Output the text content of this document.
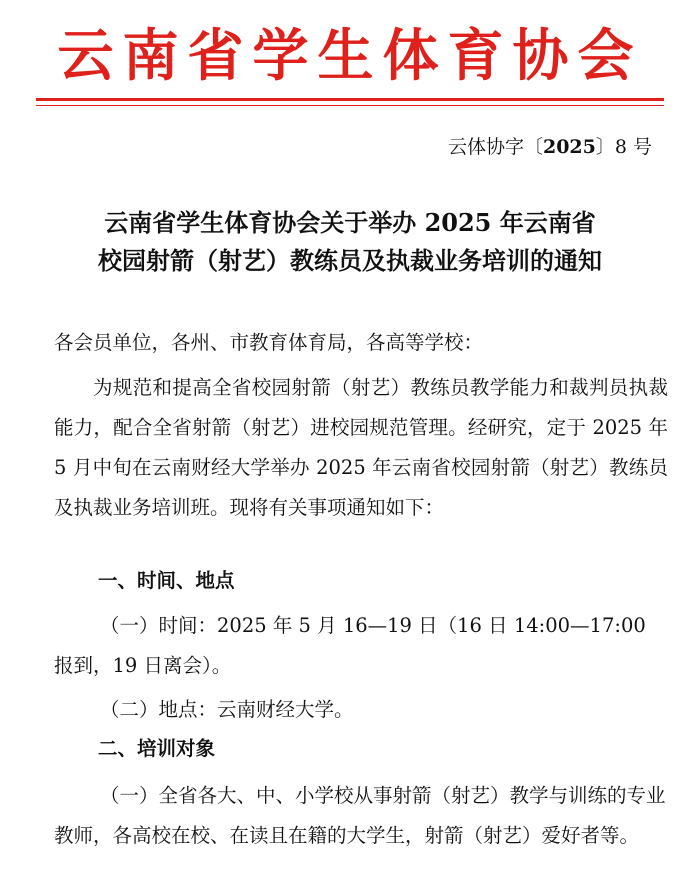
云南省学生体育协会
云体协字〔2025〕8 号
云南省学生体育协会关于举办 2025 年云南省
校园射箭（射艺）教练员及执裁业务培训的通知
各会员单位，各州、市教育体育局，各高等学校：
为规范和提高全省校园射箭（射艺）教练员教学能力和裁判员执裁能力，配合全省射箭（射艺）进校园规范管理。经研究，定于 2025 年 5 月中旬在云南财经大学举办 2025 年云南省校园射箭（射艺）教练员及执裁业务培训班。现将有关事项通知如下：
一、时间、地点
（一）时间：2025 年 5 月 16—19 日（16 日 14:00—17:00 报到，19 日离会）。
（二）地点：云南财经大学。
二、培训对象
（一）全省各大、中、小学校从事射箭（射艺）教学与训练的专业教师，各高校在校、在读且在籍的大学生，射箭（射艺）爱好者等。
